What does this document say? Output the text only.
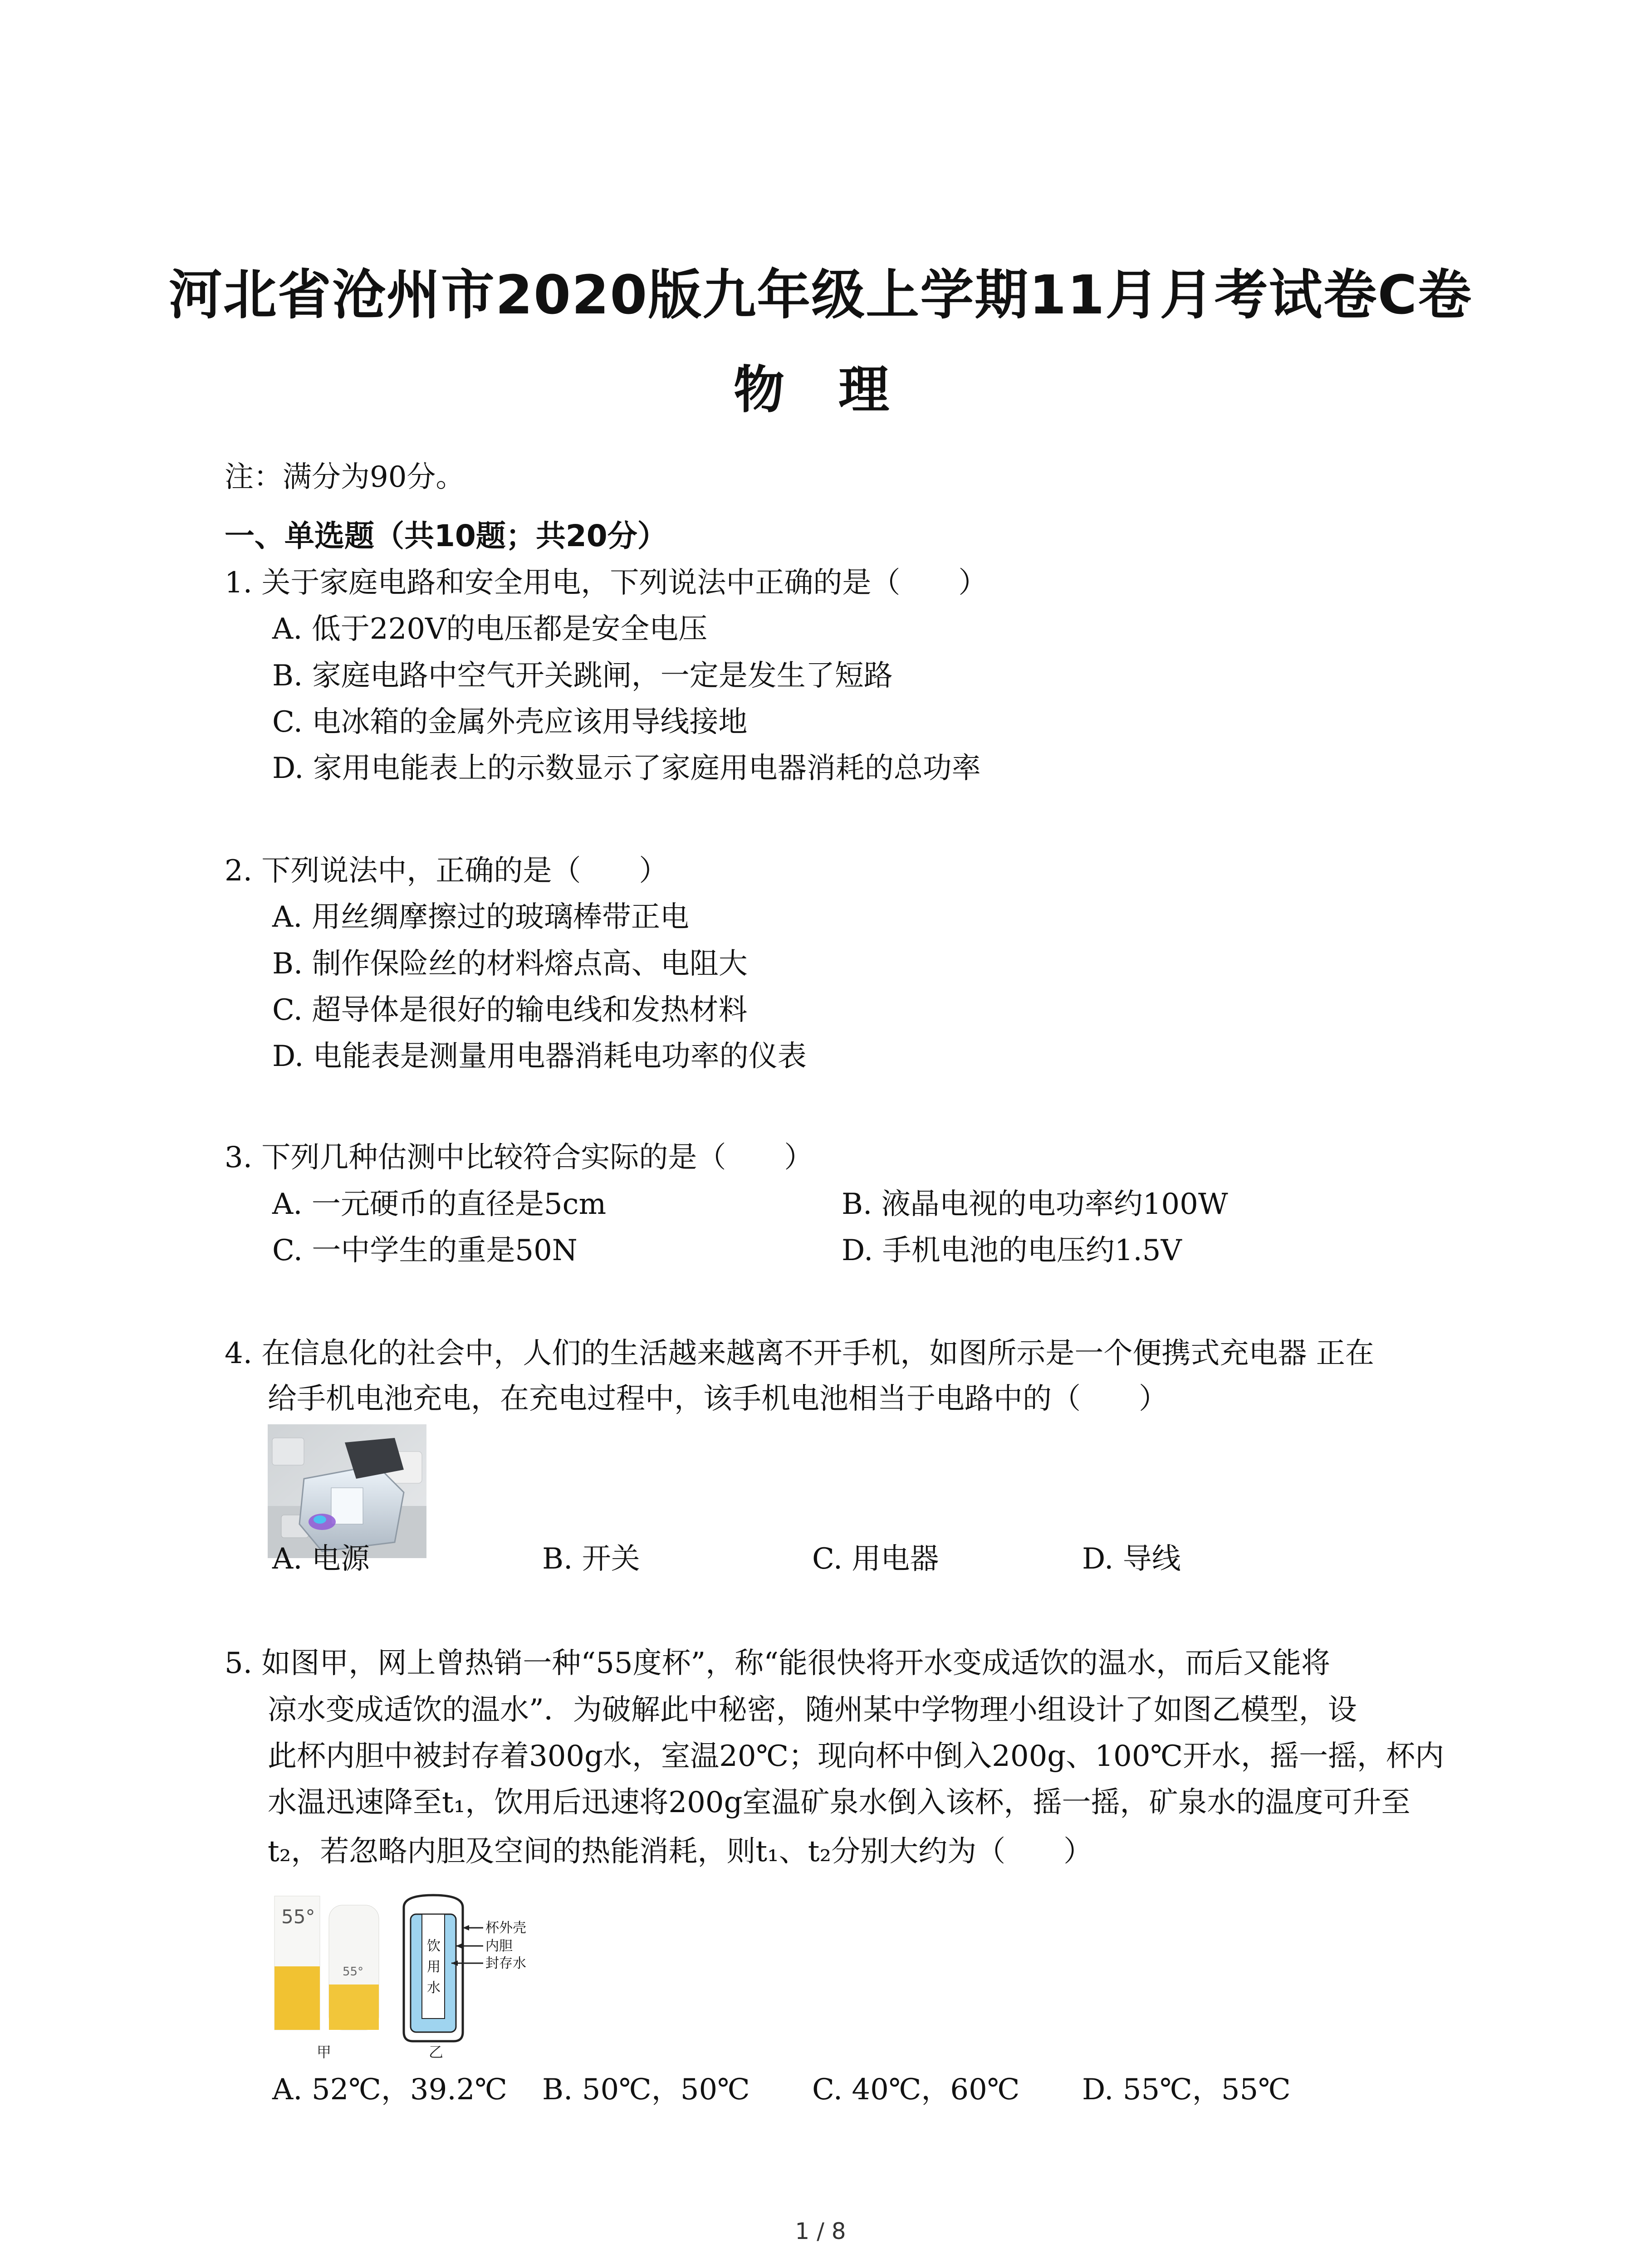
河北省沧州市2020版九年级上学期11月月考试卷C卷
物 理
注：满分为90分。
一、单选题（共10题；共20分）
1. 关于家庭电路和安全用电，下列说法中正确的是（　　）
A. 低于220V的电压都是安全电压
B. 家庭电路中空气开关跳闸，一定是发生了短路
C. 电冰箱的金属外壳应该用导线接地
D. 家用电能表上的示数显示了家庭用电器消耗的总功率
2. 下列说法中，正确的是（　　）
A. 用丝绸摩擦过的玻璃棒带正电
B. 制作保险丝的材料熔点高、电阻大
C. 超导体是很好的输电线和发热材料
D. 电能表是测量用电器消耗电功率的仪表
3. 下列几种估测中比较符合实际的是（　　）
A. 一元硬币的直径是5cm	B. 液晶电视的电功率约100W
C. 一中学生的重是50N	D. 手机电池的电压约1.5V
4. 在信息化的社会中，人们的生活越来越离不开手机，如图所示是一个便携式充电器 正在
给手机电池充电，在充电过程中，该手机电池相当于电路中的（　　）
A. 电源	B. 开关	C. 用电器	D. 导线
5. 如图甲，网上曾热销一种“55度杯”，称“能很快将开水变成适饮的温水，而后又能将
凉水变成适饮的温水”．为破解此中秘密，随州某中学物理小组设计了如图乙模型，设
此杯内胆中被封存着300g水，室温20℃；现向杯中倒入200g、100℃开水，摇一摇，杯内
水温迅速降至t₁，饮用后迅速将200g室温矿泉水倒入该杯，摇一摇，矿泉水的温度可升至
t₂，若忽略内胆及空间的热能消耗，则t₁、t₂分别大约为（　　）
55°
55°
甲
饮用水
杯外壳
内胆
封存水
乙
A. 52℃，39.2℃ B. 50℃，50℃ C. 40℃，60℃ D. 55℃，55℃
1 / 8
